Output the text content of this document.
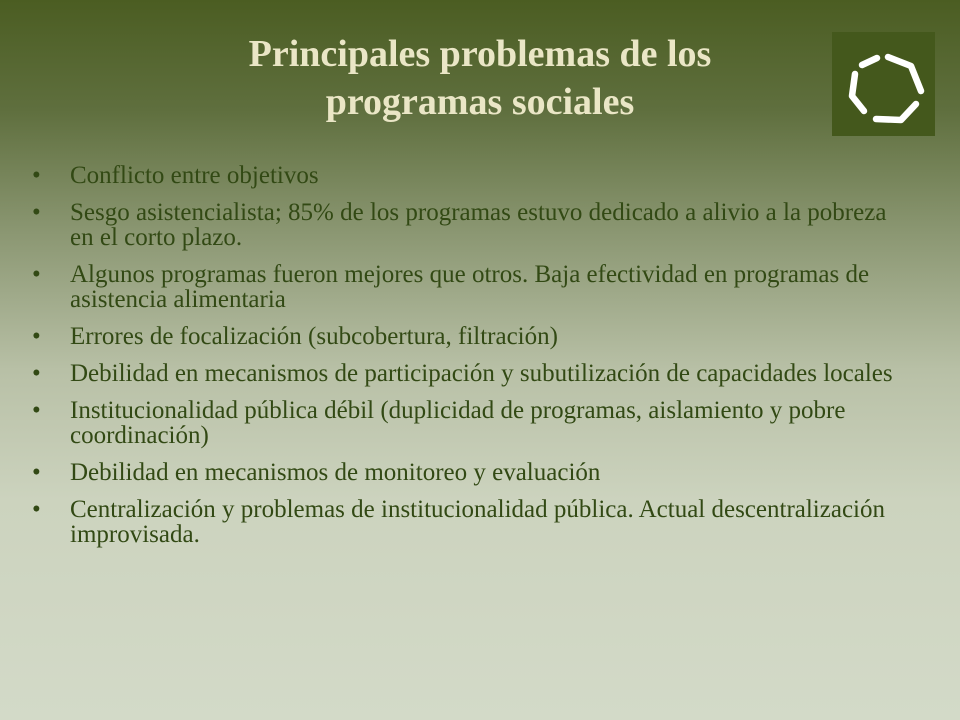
Principales problemas de los
programas sociales
• Conflicto entre objetivos
• Sesgo asistencialista; 85% de los programas estuvo dedicado a alivio a la pobreza en el corto plazo.
• Algunos programas fueron mejores que otros. Baja efectividad en programas de asistencia alimentaria
• Errores de focalización (subcobertura, filtración)
• Debilidad en mecanismos de participación y subutilización de capacidades locales
• Institucionalidad pública débil (duplicidad de programas, aislamiento y pobre coordinación)
• Debilidad en mecanismos de monitoreo y evaluación
• Centralización y problemas de institucionalidad pública. Actual descentralización improvisada.
